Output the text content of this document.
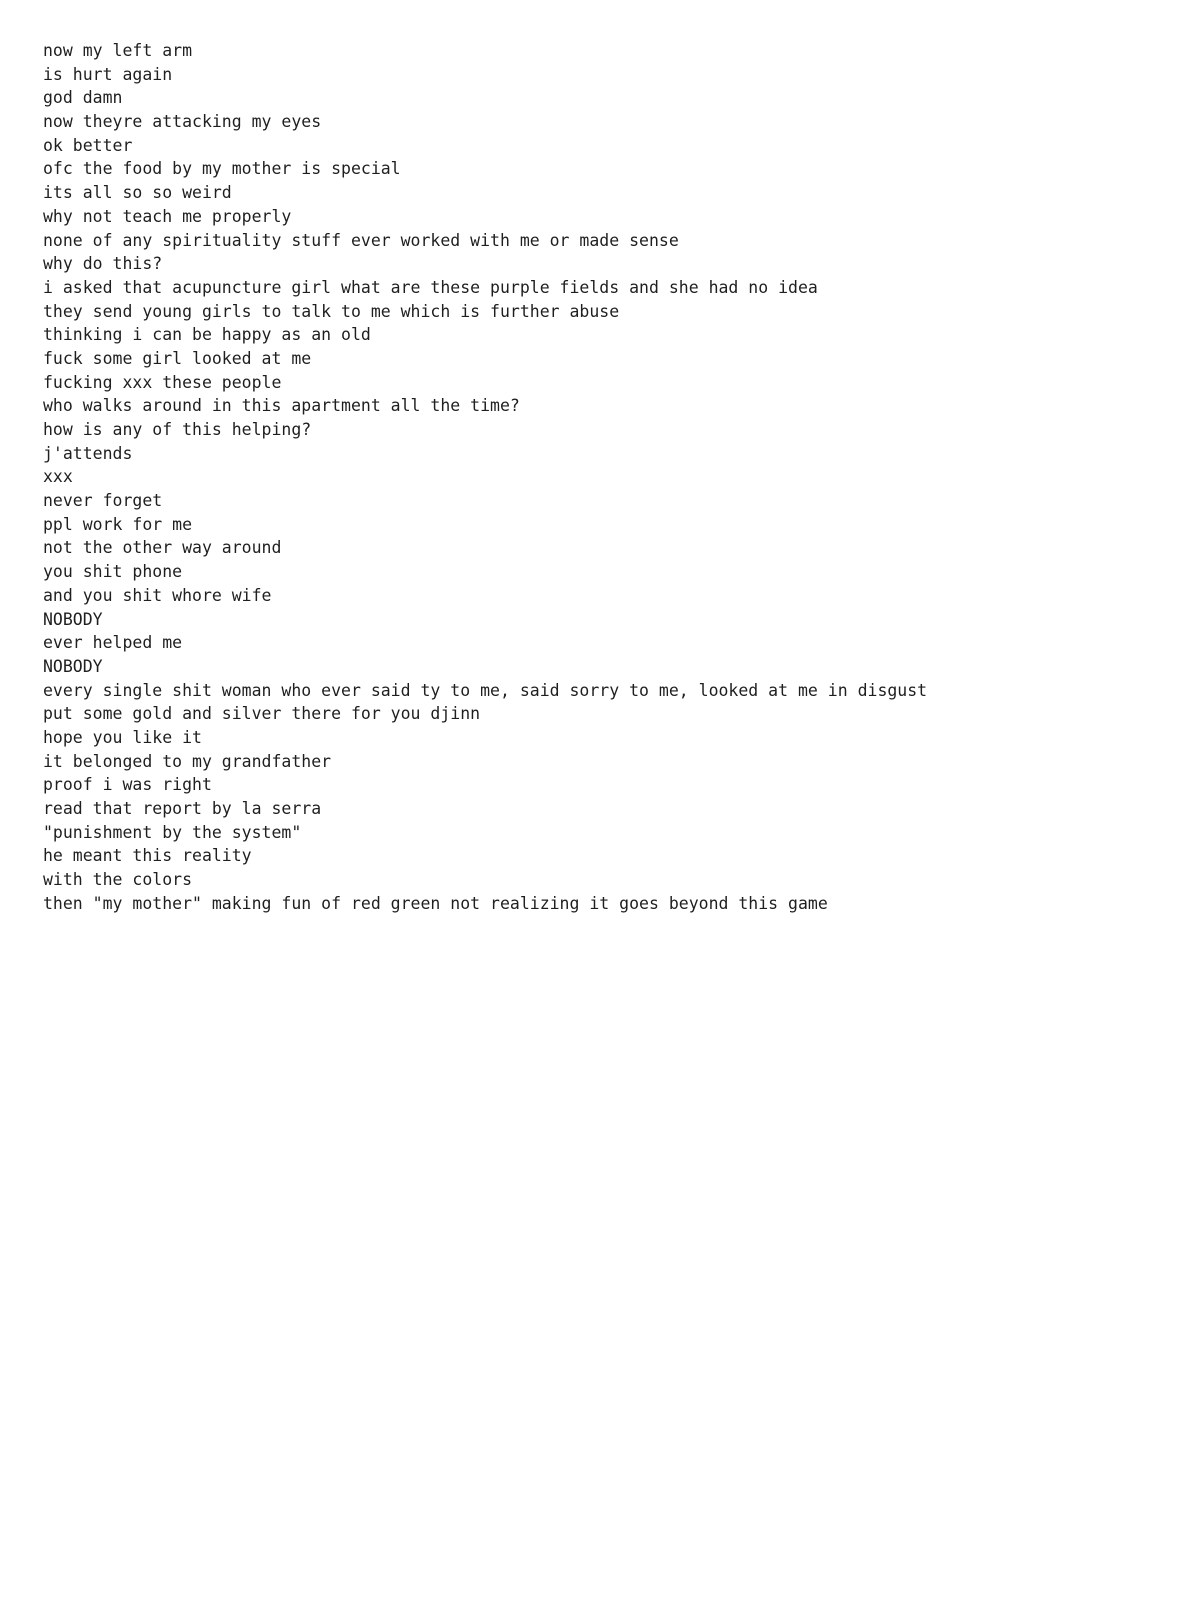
now my left arm
is hurt again
god damn
now theyre attacking my eyes
ok better
ofc the food by my mother is special
its all so so weird
why not teach me properly
none of any spirituality stuff ever worked with me or made sense
why do this?
i asked that acupuncture girl what are these purple fields and she had no idea
they send young girls to talk to me which is further abuse
thinking i can be happy as an old
fuck some girl looked at me
fucking xxx these people
who walks around in this apartment all the time?
how is any of this helping?
j'attends
xxx
never forget
ppl work for me
not the other way around
you shit phone
and you shit whore wife
NOBODY
ever helped me
NOBODY
every single shit woman who ever said ty to me, said sorry to me, looked at me in disgust
put some gold and silver there for you djinn
hope you like it
it belonged to my grandfather
proof i was right
read that report by la serra
"punishment by the system"
he meant this reality
with the colors
then "my mother" making fun of red green not realizing it goes beyond this game
